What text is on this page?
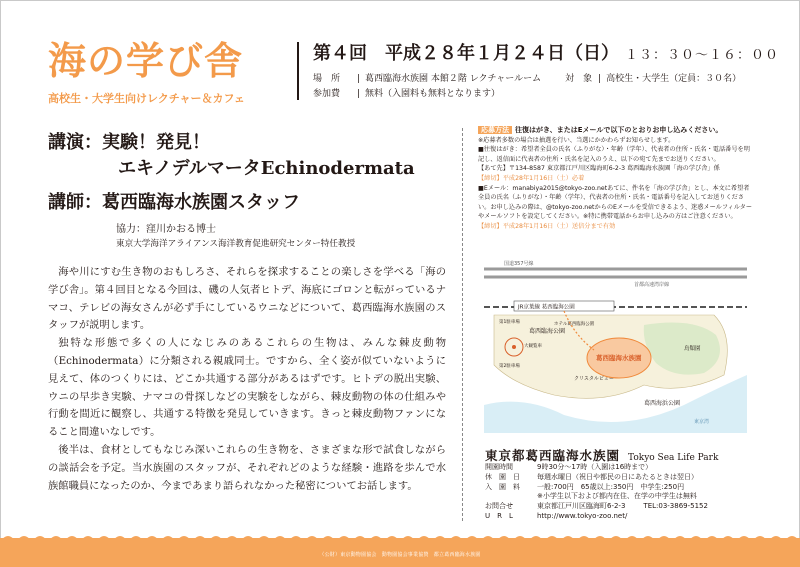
海の学び舎
高校生・大学生向けレクチャー＆カフェ
第４回　平成２８年１月２４日（日） １３：３０〜１６：００
場　所	| 葛西臨海水族園 本館２階 レクチャールーム	対　象 | 高校生・大学生（定員：３０名）
参加費	| 無料（入園料も無料となります）
講演：実験！発見！
エキノデルマータEchinodermata
講師：葛西臨海水族園スタッフ
協力：窪川かおる博士
東京大学海洋アライアンス海洋教育促進研究センター特任教授

海や川にすむ生き物のおもしろさ、それらを探求することの楽しさを学べる「海の学び舎」。第４回目となる今回は、磯の人気者ヒトデ、海底にゴロンと転がっているナマコ、テレビの海女さんが必ず手にしているウニなどについて、葛西臨海水族園のスタッフが説明します。

独特な形態で多くの人になじみのあるこれらの生物は、みんな棘皮動物（Echinodermata）に分類される親戚同士。ですから、全く姿が似ていないように見えて、体のつくりには、どこか共通する部分があるはずです。ヒトデの脱出実験、ウニの早歩き実験、ナマコの骨探しなどの実験をしながら、棘皮動物の体の仕組みや行動を間近に観察し、共通する特徴を発見していきます。きっと棘皮動物ファンになること間違いなしです。

後半は、食材としてもなじみ深いこれらの生き物を、さまざまな形で試食しながらの談話会を予定。当水族園のスタッフが、それぞれどのような経験・進路を歩んで水族館職員になったのか、今まであまり語られなかった秘密についてお話します。

応募方法 往復はがき、またはEメールで以下のとおりお申し込みください。
※応募者多数の場合は抽選を行い、当選にかかわらずお知らせします。
■往復はがき：希望者全員の氏名（ふりがな）・年齢（学年）、代表者の住所・氏名・電話番号を明記し、返信面に代表者の住所・氏名を記入のうえ、以下の宛て先までお送りください。
【あて先】〒134-8587 東京都江戸川区臨海町6-2-3 葛西臨海水族園「海の学び舎」係
【締切】平成28年1月16日（土）必着
■Eメール：manabiya2015@tokyo-zoo.netあてに、件名を「海の学び舎」とし、本文に希望者全員の氏名（ふりがな）・年齢（学年）、代表者の住所・氏名・電話番号を記入してお送りください。お申し込みの際は、@tokyo-zoo.netからのEメールを受信できるよう、迷惑メールフィルターやメールソフトを設定してください。※特に携帯電話からお申し込みの方はご注意ください。
【締切】平成28年1月16日（土）送信分まで有効
国道357号線
首都高速湾岸線
JR京葉線 葛西臨海公園
葛西臨海水族園
葛西臨海公園
鳥類園
クリスタルビュー
第1駐車場
第2駐車場
大観覧車
ホテル葛西臨海公園
葛西海浜公園
東京湾
東京都葛西臨海水族園 Tokyo Sea Life Park
開園時間	9時30分〜17時（入園は16時まで）
休　園　日	毎週水曜日（祝日や都民の日にあたるときは翌日）
入　園　料	一般:700円　65歳以上:350円　中学生:250円
※小学生以下および都内在住、在学の中学生は無料
お問合せ	東京都江戸川区臨海町6-2-3	TEL:03-3869-5152
U　R　L	http://www.tokyo-zoo.net/
（公財）東京動物園協会　動物園協会事業協賛　都立葛西臨海水族園
